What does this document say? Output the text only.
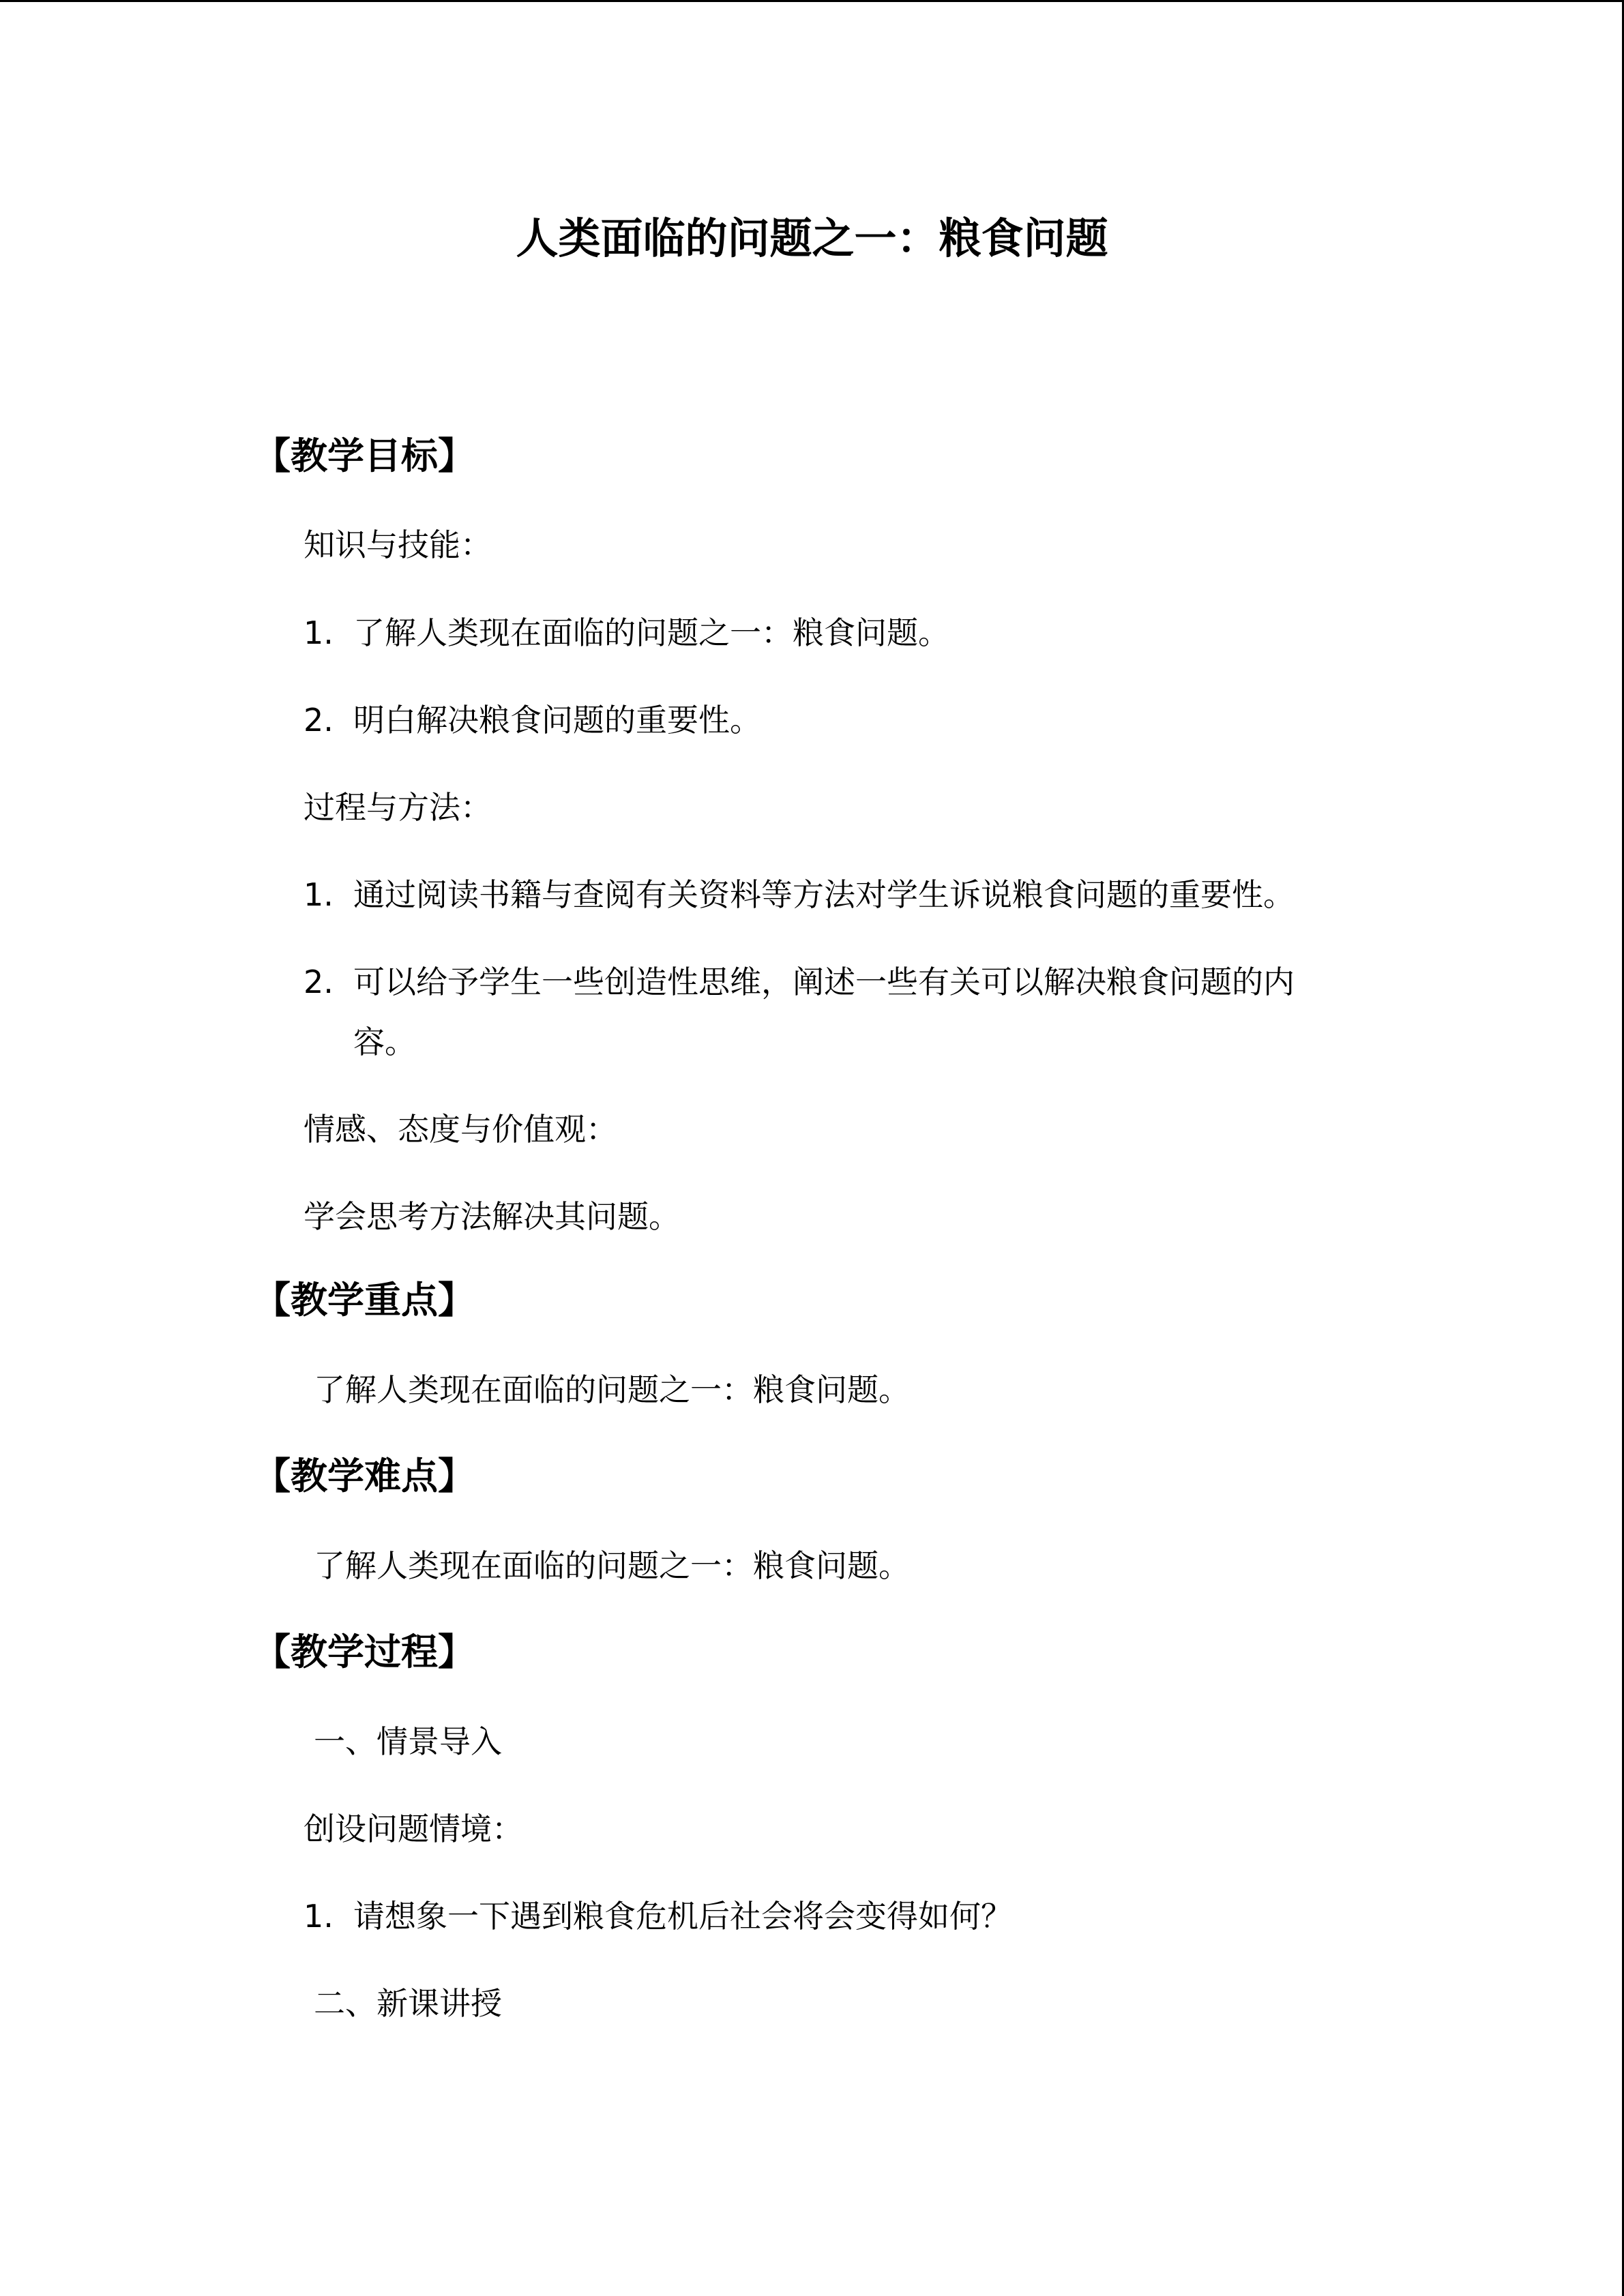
人类面临的问题之一：粮食问题
【教学目标】
知识与技能：
1. 了解人类现在面临的问题之一：粮食问题。
2. 明白解决粮食问题的重要性。
过程与方法：
1. 通过阅读书籍与查阅有关资料等方法对学生诉说粮食问题的重要性。
2. 可以给予学生一些创造性思维，阐述一些有关可以解决粮食问题的内
容。
情感、态度与价值观：
学会思考方法解决其问题。
【教学重点】
了解人类现在面临的问题之一：粮食问题。
【教学难点】
了解人类现在面临的问题之一：粮食问题。
【教学过程】
一、情景导入
创设问题情境：
1. 请想象一下遇到粮食危机后社会将会变得如何？
二、新课讲授
